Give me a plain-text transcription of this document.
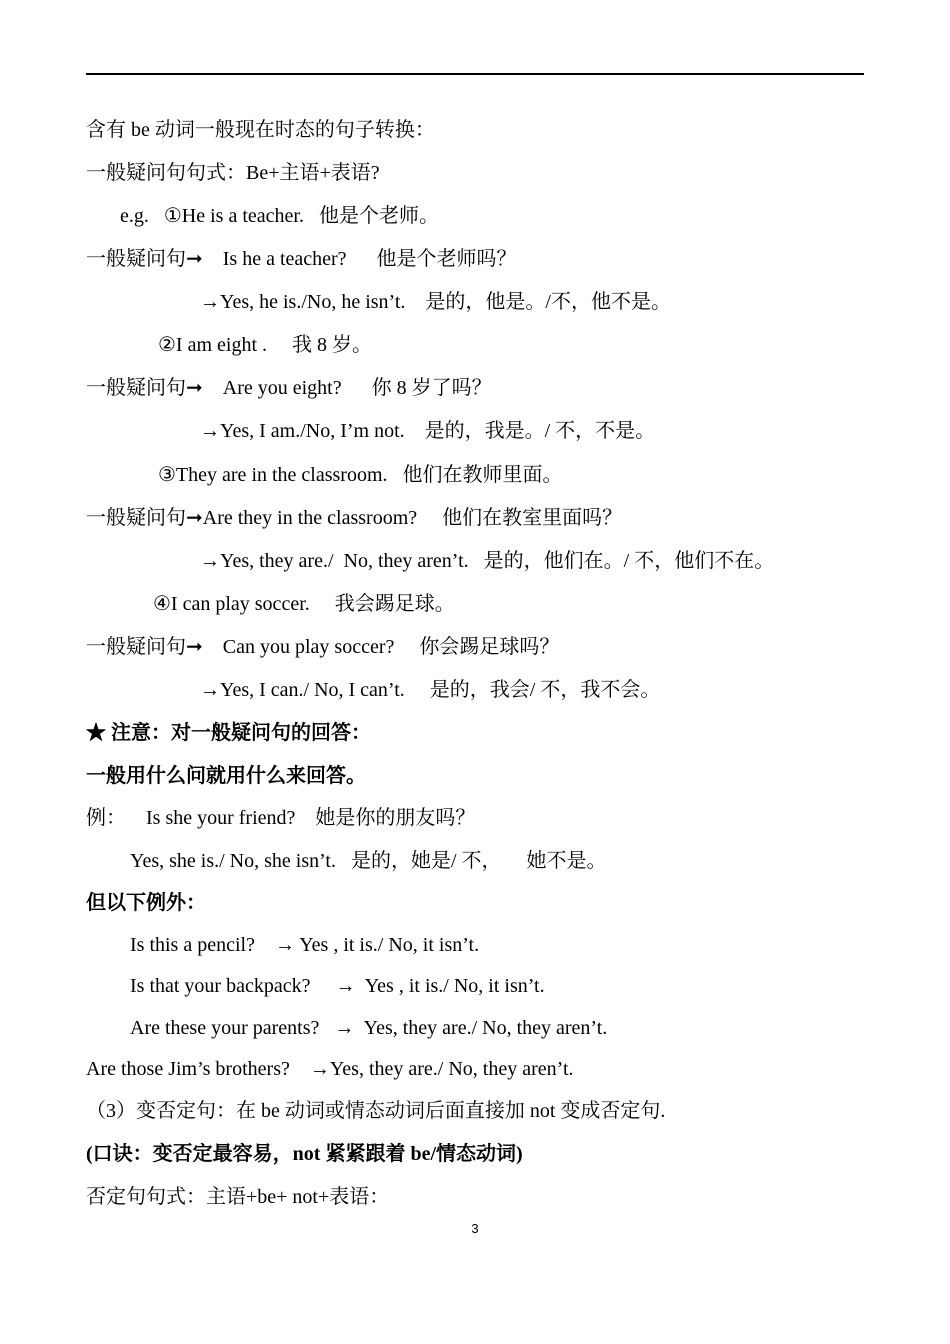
含有 be 动词一般现在时态的句子转换：
一般疑问句句式：Be+主语+表语?
e.g.   ①He is a teacher.   他是个老师。
一般疑问句➞    Is he a teacher?      他是个老师吗？
→Yes, he is./No, he isn’t.    是的，他是。/不，他不是。
②I am eight .     我 8 岁。
一般疑问句➞    Are you eight?      你 8 岁了吗？
→Yes, I am./No, I’m not.    是的，我是。/ 不，不是。
③They are in the classroom.   他们在教师里面。
一般疑问句➞Are they in the classroom?     他们在教室里面吗？
→Yes, they are./  No, they aren’t.   是的，他们在。/ 不，他们不在。
④I can play soccer.     我会踢足球。
一般疑问句➞    Can you play soccer?     你会踢足球吗？
→Yes, I can./ No, I can’t.     是的，我会/ 不，我不会。
★ 注意：对一般疑问句的回答：
一般用什么问就用什么来回答。
例：    Is she your friend?    她是你的朋友吗？
Yes, she is./ No, she isn’t.   是的，她是/ 不，     她不是。
但以下例外：
Is this a pencil?    → Yes , it is./ No, it isn’t.
Is that your backpack?     →  Yes , it is./ No, it isn’t.
Are these your parents?   →  Yes, they are./ No, they aren’t.
Are those Jim’s brothers?    →Yes, they are./ No, they aren’t.
（3）变否定句：在 be 动词或情态动词后面直接加 not 变成否定句.
(口诀：变否定最容易，not 紧紧跟着 be/情态动词)
否定句句式：主语+be+ not+表语：
3
